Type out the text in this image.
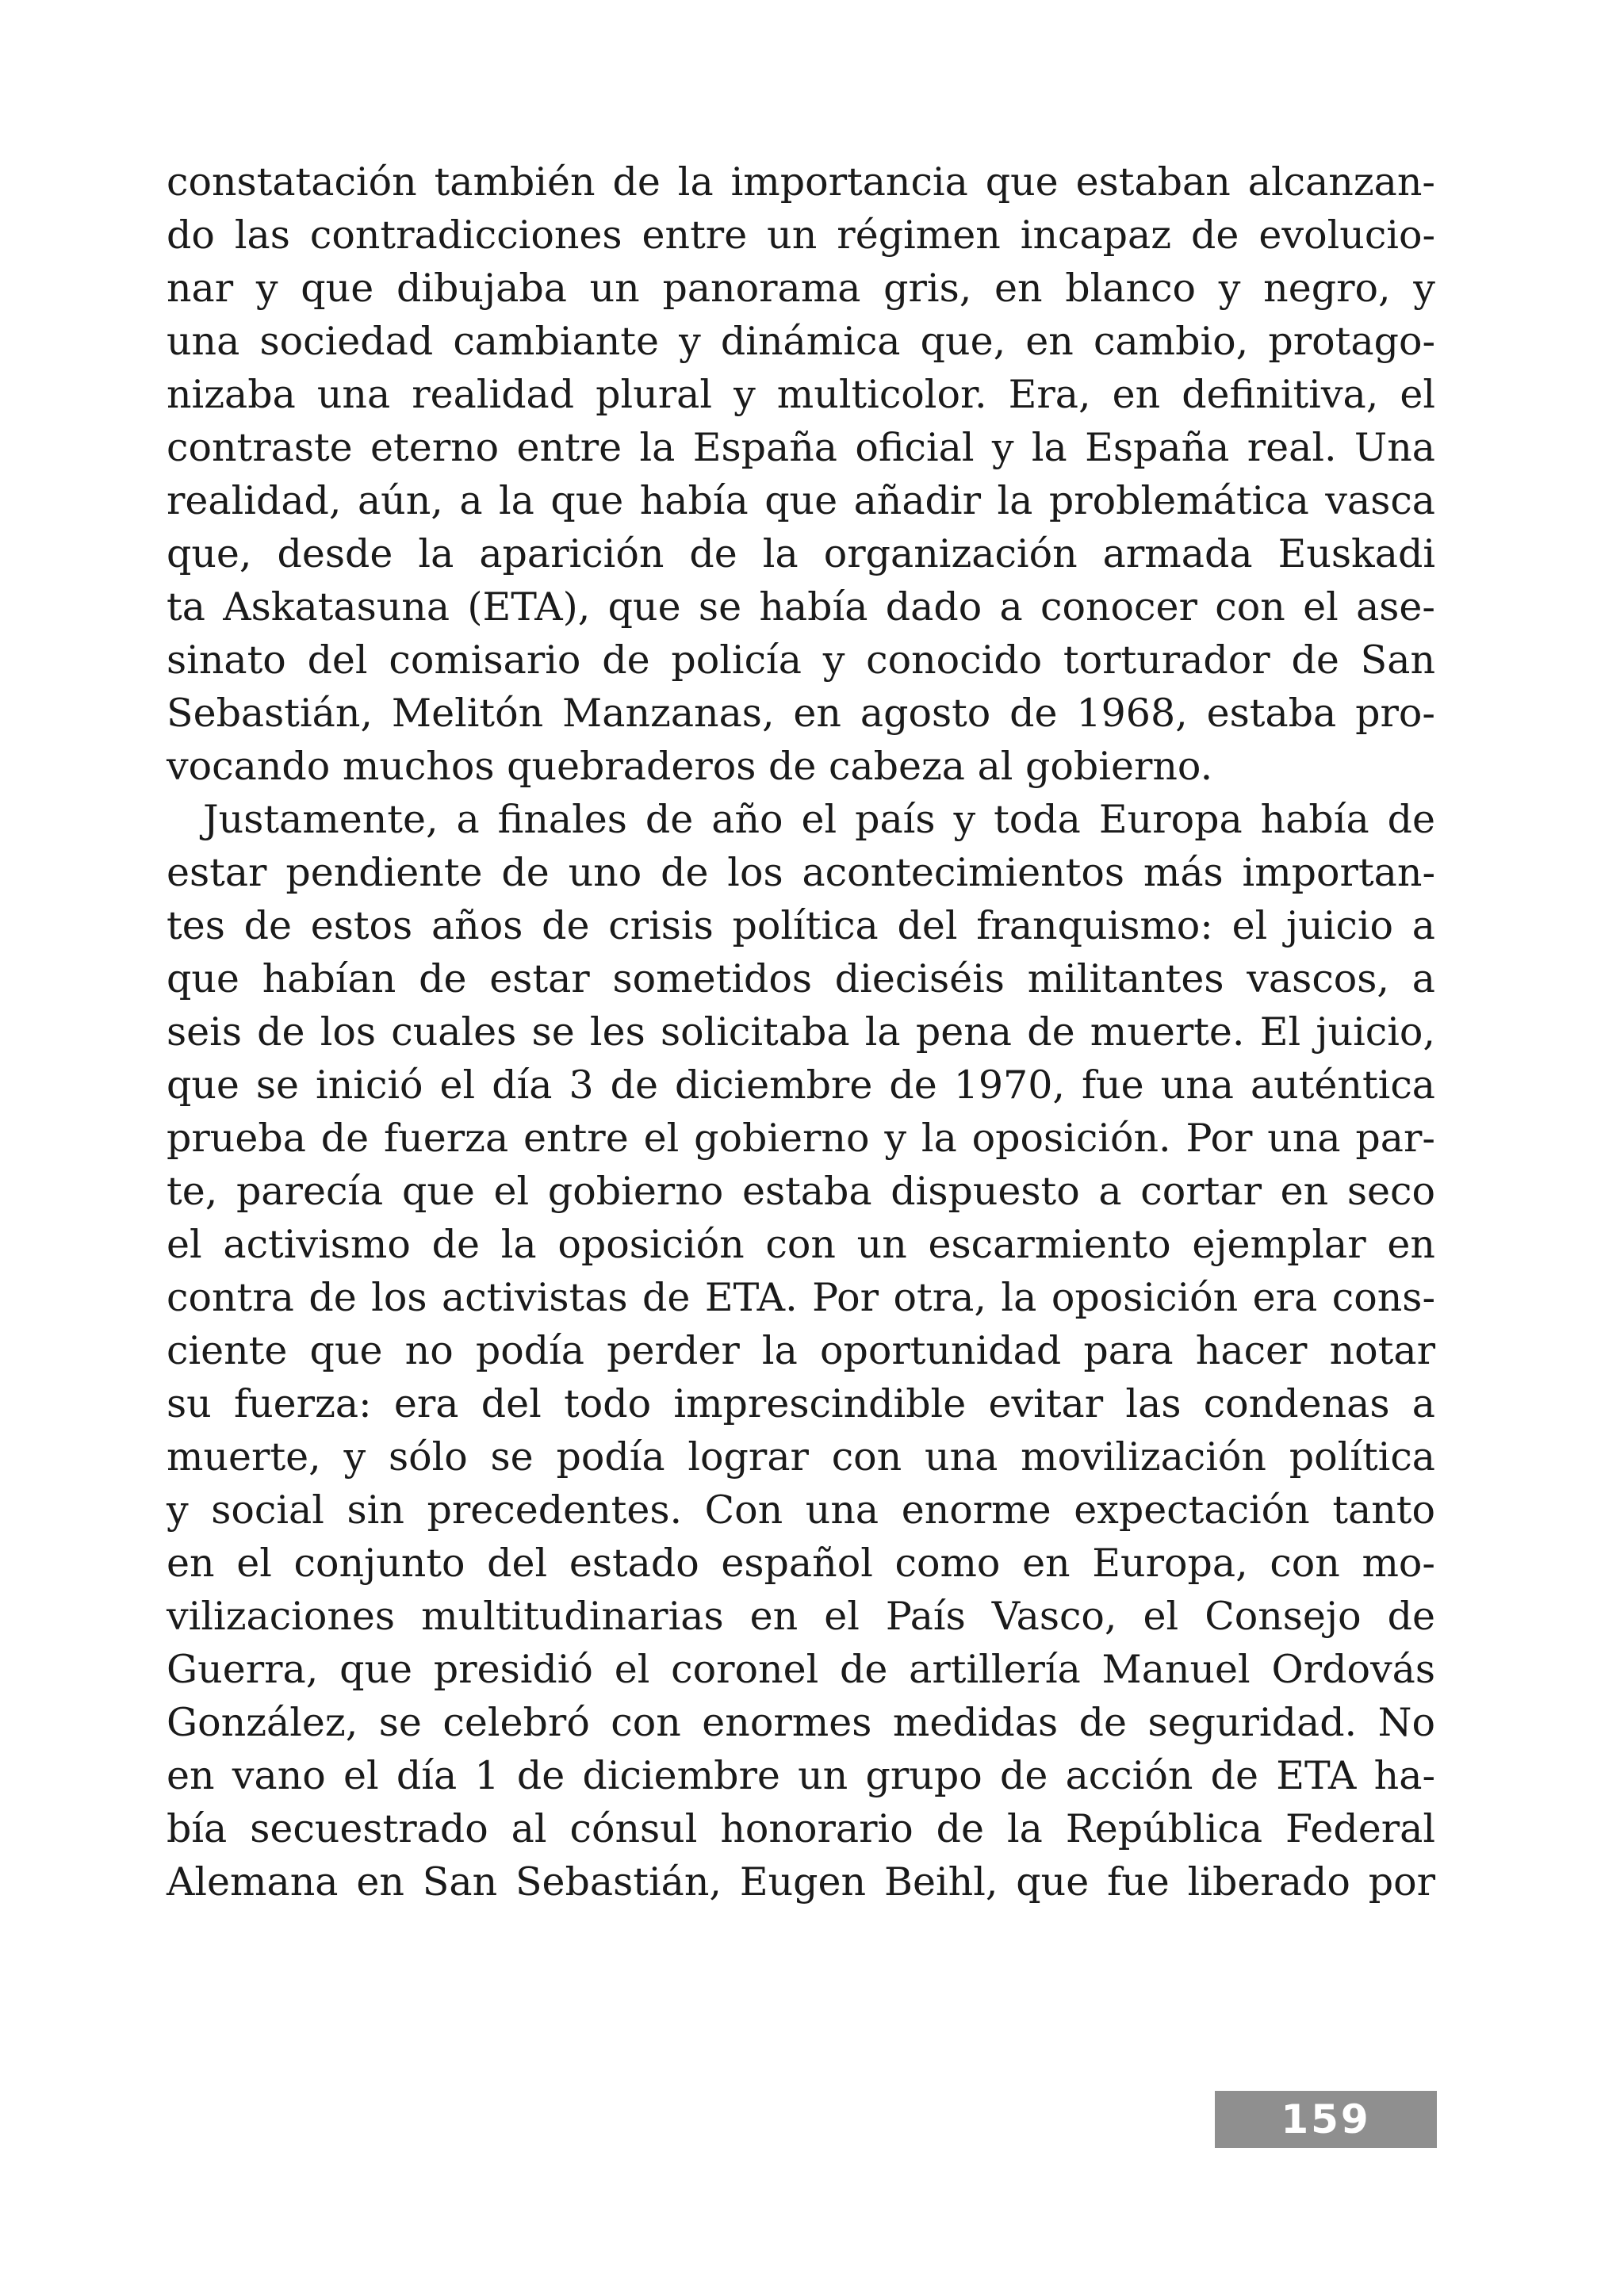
constatación también de la importancia que estaban alcanzan-
do las contradicciones entre un régimen incapaz de evolucio-
nar y que dibujaba un panorama gris, en blanco y negro, y
una sociedad cambiante y dinámica que, en cambio, protago-
nizaba una realidad plural y multicolor. Era, en definitiva, el
contraste eterno entre la España oficial y la España real. Una
realidad, aún, a la que había que añadir la problemática vasca
que, desde la aparición de la organización armada Euskadi
ta Askatasuna (ETA), que se había dado a conocer con el ase-
sinato del comisario de policía y conocido torturador de San
Sebastián, Melitón Manzanas, en agosto de 1968, estaba pro-
vocando muchos quebraderos de cabeza al gobierno.
Justamente, a finales de año el país y toda Europa había de
estar pendiente de uno de los acontecimientos más importan-
tes de estos años de crisis política del franquismo: el juicio a
que habían de estar sometidos dieciséis militantes vascos, a
seis de los cuales se les solicitaba la pena de muerte. El juicio,
que se inició el día 3 de diciembre de 1970, fue una auténtica
prueba de fuerza entre el gobierno y la oposición. Por una par-
te, parecía que el gobierno estaba dispuesto a cortar en seco
el activismo de la oposición con un escarmiento ejemplar en
contra de los activistas de ETA. Por otra, la oposición era cons-
ciente que no podía perder la oportunidad para hacer notar
su fuerza: era del todo imprescindible evitar las condenas a
muerte, y sólo se podía lograr con una movilización política
y social sin precedentes. Con una enorme expectación tanto
en el conjunto del estado español como en Europa, con mo-
vilizaciones multitudinarias en el País Vasco, el Consejo de
Guerra, que presidió el coronel de artillería Manuel Ordovás
González, se celebró con enormes medidas de seguridad. No
en vano el día 1 de diciembre un grupo de acción de ETA ha-
bía secuestrado al cónsul honorario de la República Federal
Alemana en San Sebastián, Eugen Beihl, que fue liberado por
159
